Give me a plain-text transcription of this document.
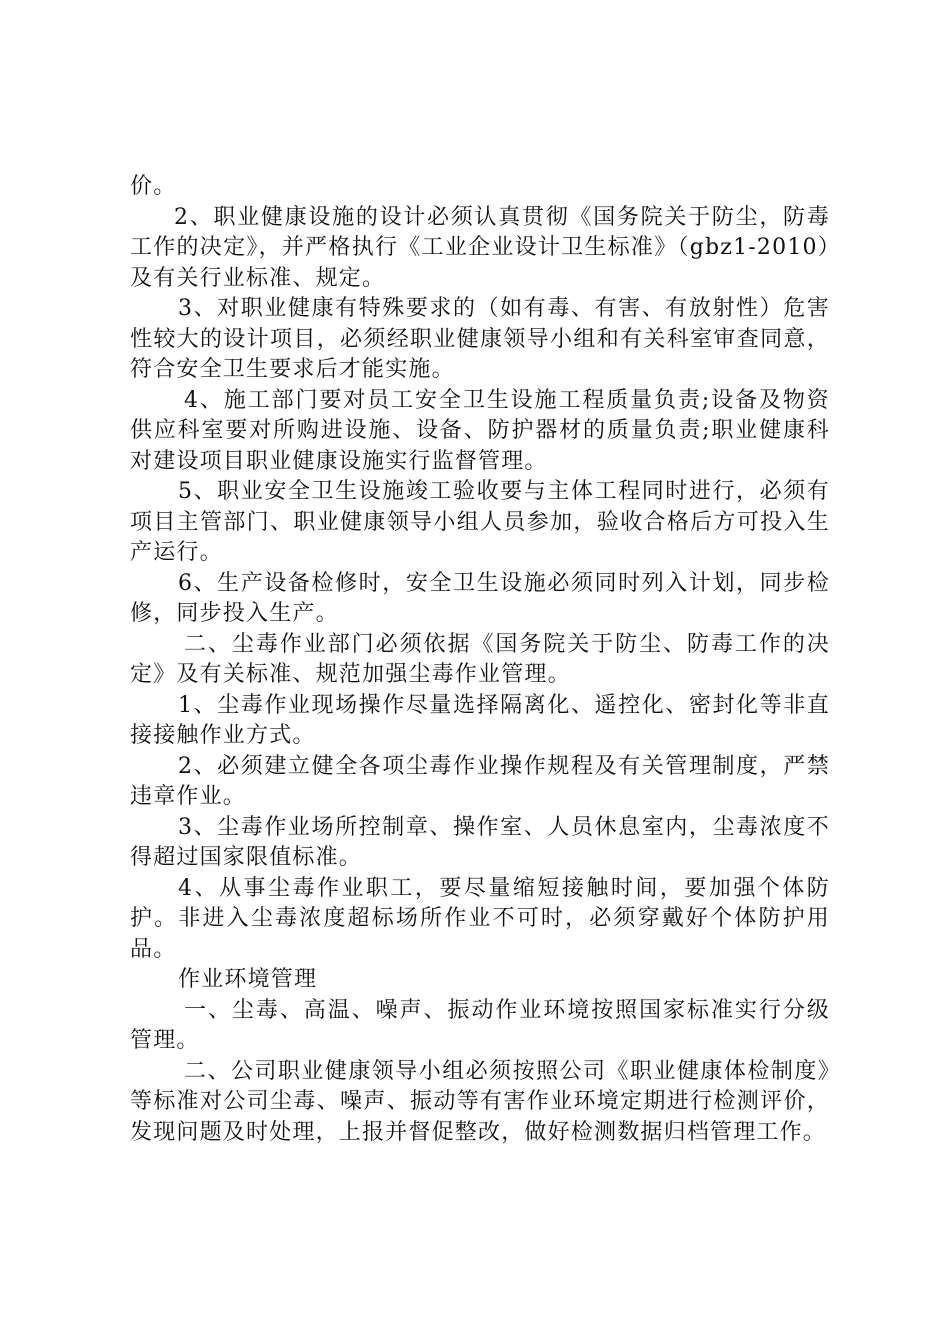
价。

2、职业健康设施的设计必须认真贯彻《国务院关于防尘，防毒工作的决定》，并严格执行《工业企业设计卫生标准》（gbz1-2010）及有关行业标准、规定。

3、对职业健康有特殊要求的（如有毒、有害、有放射性）危害性较大的设计项目，必须经职业健康领导小组和有关科室审查同意，符合安全卫生要求后才能实施。

4、施工部门要对员工安全卫生设施工程质量负责;设备及物资供应科室要对所购进设施、设备、防护器材的质量负责;职业健康科对建设项目职业健康设施实行监督管理。

5、职业安全卫生设施竣工验收要与主体工程同时进行，必须有项目主管部门、职业健康领导小组人员参加，验收合格后方可投入生产运行。

6、生产设备检修时，安全卫生设施必须同时列入计划，同步检修，同步投入生产。

二、尘毒作业部门必须依据《国务院关于防尘、防毒工作的决定》及有关标准、规范加强尘毒作业管理。

1、尘毒作业现场操作尽量选择隔离化、遥控化、密封化等非直接接触作业方式。

2、必须建立健全各项尘毒作业操作规程及有关管理制度，严禁违章作业。

3、尘毒作业场所控制章、操作室、人员休息室内，尘毒浓度不得超过国家限值标准。

4、从事尘毒作业职工，要尽量缩短接触时间，要加强个体防护。非进入尘毒浓度超标场所作业不可时，必须穿戴好个体防护用品。

作业环境管理

一、尘毒、高温、噪声、振动作业环境按照国家标准实行分级管理。

二、公司职业健康领导小组必须按照公司《职业健康体检制度》等标准对公司尘毒、噪声、振动等有害作业环境定期进行检测评价，发现问题及时处理，上报并督促整改，做好检测数据归档管理工作。
